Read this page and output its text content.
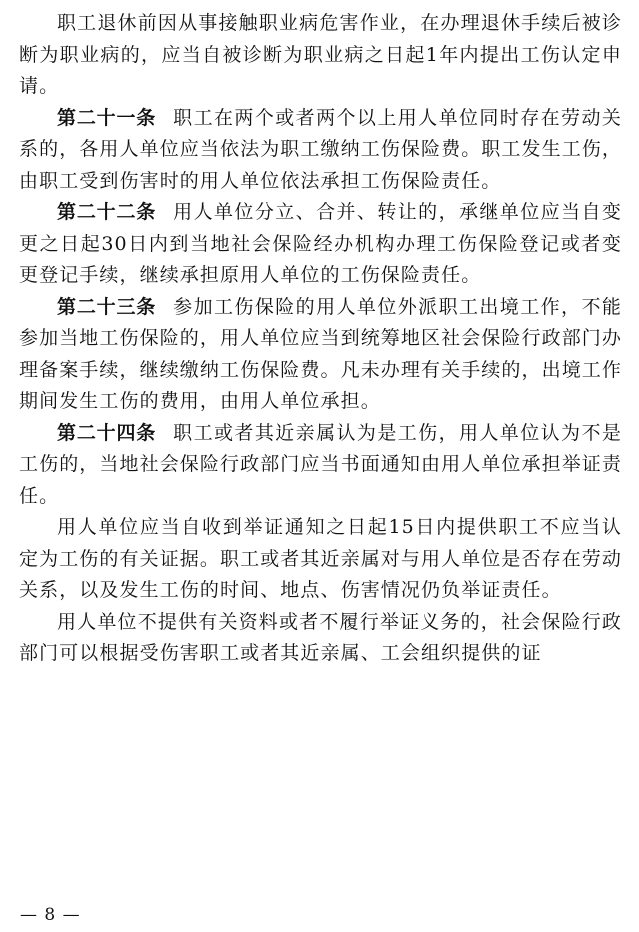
职工退休前因从事接触职业病危害作业，在办理退休手续后被诊断为职业病的，应当自被诊断为职业病之日起1年内提出工伤认定申请。

第二十一条 职工在两个或者两个以上用人单位同时存在劳动关系的，各用人单位应当依法为职工缴纳工伤保险费。职工发生工伤，由职工受到伤害时的用人单位依法承担工伤保险责任。

第二十二条 用人单位分立、合并、转让的，承继单位应当自变更之日起30日内到当地社会保险经办机构办理工伤保险登记或者变更登记手续，继续承担原用人单位的工伤保险责任。

第二十三条 参加工伤保险的用人单位外派职工出境工作，不能参加当地工伤保险的，用人单位应当到统筹地区社会保险行政部门办理备案手续，继续缴纳工伤保险费。凡未办理有关手续的，出境工作期间发生工伤的费用，由用人单位承担。

第二十四条 职工或者其近亲属认为是工伤，用人单位认为不是工伤的，当地社会保险行政部门应当书面通知由用人单位承担举证责任。

用人单位应当自收到举证通知之日起15日内提供职工不应当认定为工伤的有关证据。职工或者其近亲属对与用人单位是否存在劳动关系，以及发生工伤的时间、地点、伤害情况仍负举证责任。

用人单位不提供有关资料或者不履行举证义务的，社会保险行政部门可以根据受伤害职工或者其近亲属、工会组织提供的证

— 8 —
